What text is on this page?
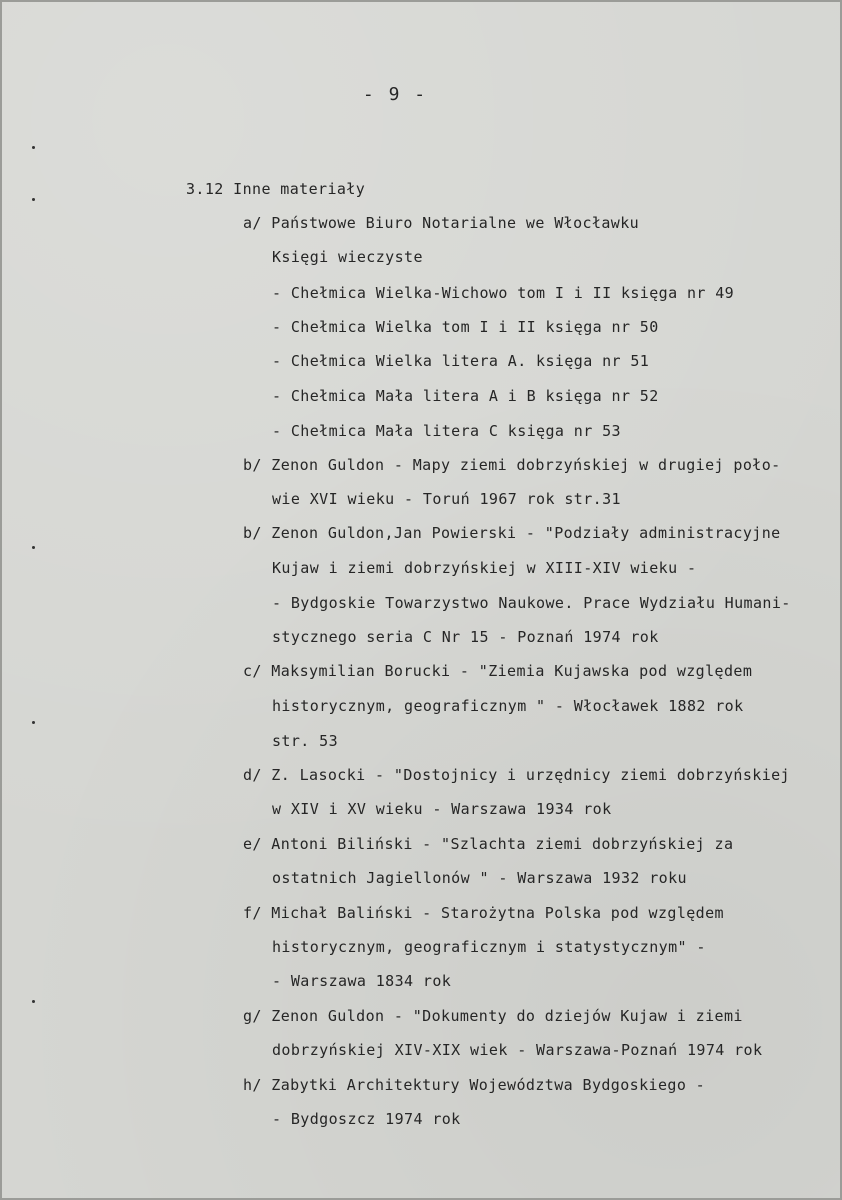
- 9 -
3.12 Inne materiały
a/ Państwowe Biuro Notarialne we Włocławku
Księgi wieczyste
- Chełmica Wielka-Wichowo tom I i II księga nr 49
- Chełmica Wielka tom I i II księga nr 50
- Chełmica Wielka litera A. księga nr 51
- Chełmica Mała litera A i B księga nr 52
- Chełmica Mała litera C księga nr 53
b/ Zenon Guldon - Mapy ziemi dobrzyńskiej w drugiej poło-
wie XVI wieku - Toruń 1967 rok str.31
b/ Zenon Guldon,Jan Powierski - "Podziały administracyjne
Kujaw i ziemi dobrzyńskiej w XIII-XIV wieku -
- Bydgoskie Towarzystwo Naukowe. Prace Wydziału Humani-
stycznego seria C Nr 15 - Poznań 1974 rok
c/ Maksymilian Borucki - "Ziemia Kujawska pod względem
historycznym, geograficznym " - Włocławek 1882 rok
str. 53
d/ Z. Lasocki - "Dostojnicy i urzędnicy ziemi dobrzyńskiej
w XIV i XV wieku - Warszawa 1934 rok
e/ Antoni Biliński - "Szlachta ziemi dobrzyńskiej za
ostatnich Jagiellonów " - Warszawa 1932 roku
f/ Michał Baliński - Starożytna Polska pod względem
historycznym, geograficznym i statystycznym" -
- Warszawa 1834 rok
g/ Zenon Guldon - "Dokumenty do dziejów Kujaw i ziemi
dobrzyńskiej XIV-XIX wiek - Warszawa-Poznań 1974 rok
h/ Zabytki Architektury Województwa Bydgoskiego -
- Bydgoszcz 1974 rok
